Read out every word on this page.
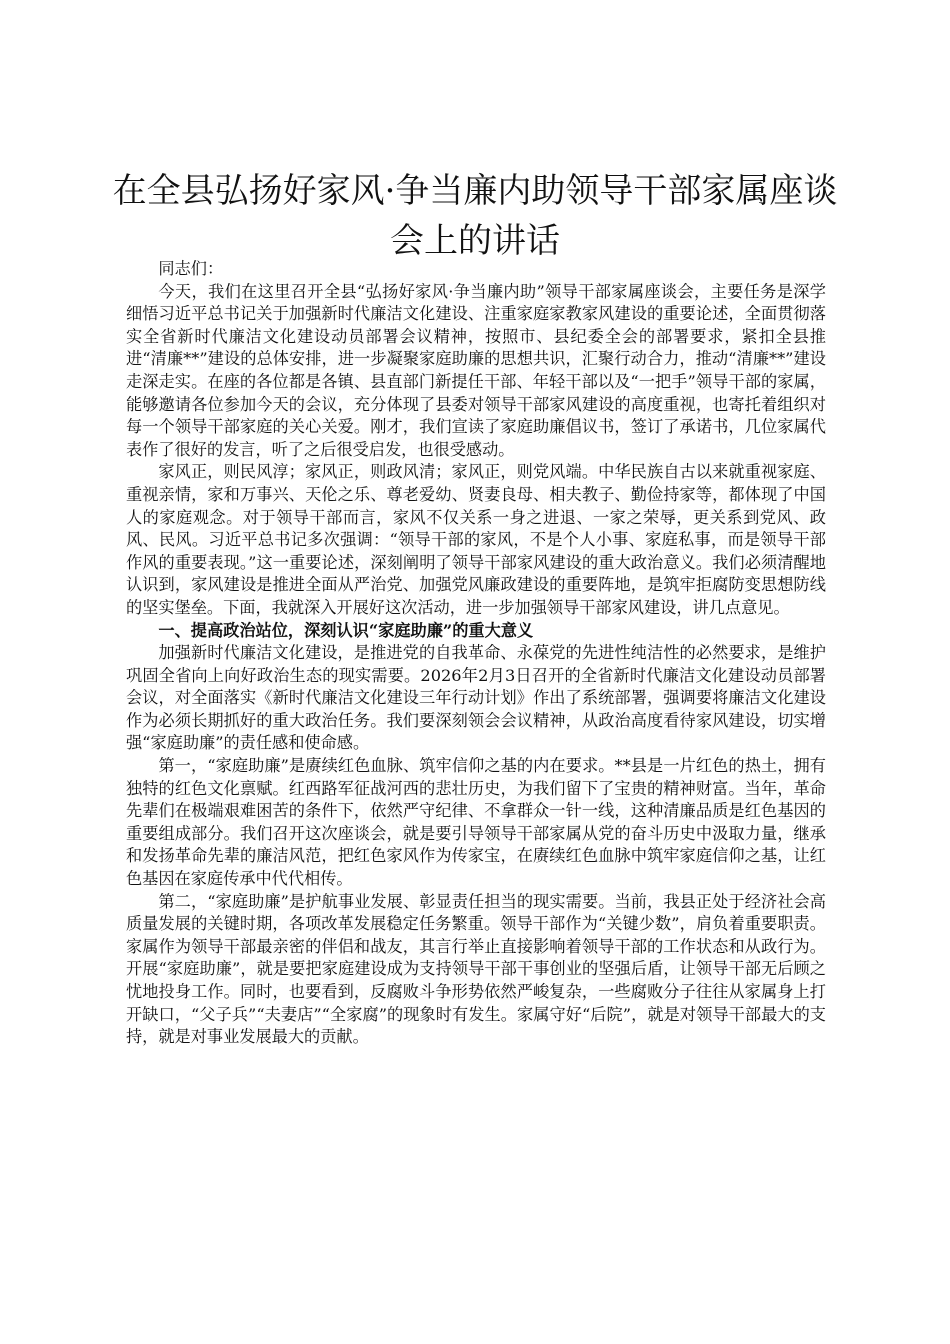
在全县弘扬好家风·争当廉内助领导干部家属座谈会上的讲话

同志们：

今天，我们在这里召开全县“弘扬好家风·争当廉内助”领导干部家属座谈会，主要任务是深学细悟习近平总书记关于加强新时代廉洁文化建设、注重家庭家教家风建设的重要论述，全面贯彻落实全省新时代廉洁文化建设动员部署会议精神，按照市、县纪委全会的部署要求，紧扣全县推进“清廉**”建设的总体安排，进一步凝聚家庭助廉的思想共识，汇聚行动合力，推动“清廉**”建设走深走实。在座的各位都是各镇、县直部门新提任干部、年轻干部以及“一把手”领导干部的家属，能够邀请各位参加今天的会议，充分体现了县委对领导干部家风建设的高度重视，也寄托着组织对每一个领导干部家庭的关心关爱。刚才，我们宣读了家庭助廉倡议书，签订了承诺书，几位家属代表作了很好的发言，听了之后很受启发，也很受感动。

家风正，则民风淳；家风正，则政风清；家风正，则党风端。中华民族自古以来就重视家庭、重视亲情，家和万事兴、天伦之乐、尊老爱幼、贤妻良母、相夫教子、勤俭持家等，都体现了中国人的家庭观念。对于领导干部而言，家风不仅关系一身之进退、一家之荣辱，更关系到党风、政风、民风。习近平总书记多次强调：“领导干部的家风，不是个人小事、家庭私事，而是领导干部作风的重要表现。”这一重要论述，深刻阐明了领导干部家风建设的重大政治意义。我们必须清醒地认识到，家风建设是推进全面从严治党、加强党风廉政建设的重要阵地，是筑牢拒腐防变思想防线的坚实堡垒。下面，我就深入开展好这次活动，进一步加强领导干部家风建设，讲几点意见。

一、提高政治站位，深刻认识“家庭助廉”的重大意义

加强新时代廉洁文化建设，是推进党的自我革命、永葆党的先进性纯洁性的必然要求，是维护巩固全省向上向好政治生态的现实需要。2026年2月3日召开的全省新时代廉洁文化建设动员部署会议，对全面落实《新时代廉洁文化建设三年行动计划》作出了系统部署，强调要将廉洁文化建设作为必须长期抓好的重大政治任务。我们要深刻领会会议精神，从政治高度看待家风建设，切实增强“家庭助廉”的责任感和使命感。

第一，“家庭助廉”是赓续红色血脉、筑牢信仰之基的内在要求。**县是一片红色的热土，拥有独特的红色文化禀赋。红西路军征战河西的悲壮历史，为我们留下了宝贵的精神财富。当年，革命先辈们在极端艰难困苦的条件下，依然严守纪律、不拿群众一针一线，这种清廉品质是红色基因的重要组成部分。我们召开这次座谈会，就是要引导领导干部家属从党的奋斗历史中汲取力量，继承和发扬革命先辈的廉洁风范，把红色家风作为传家宝，在赓续红色血脉中筑牢家庭信仰之基，让红色基因在家庭传承中代代相传。

第二，“家庭助廉”是护航事业发展、彰显责任担当的现实需要。当前，我县正处于经济社会高质量发展的关键时期，各项改革发展稳定任务繁重。领导干部作为“关键少数”，肩负着重要职责。家属作为领导干部最亲密的伴侣和战友，其言行举止直接影响着领导干部的工作状态和从政行为。开展“家庭助廉”，就是要把家庭建设成为支持领导干部干事创业的坚强后盾，让领导干部无后顾之忧地投身工作。同时，也要看到，反腐败斗争形势依然严峻复杂，一些腐败分子往往从家属身上打开缺口，“父子兵”“夫妻店”“全家腐”的现象时有发生。家属守好“后院”，就是对领导干部最大的支持，就是对事业发展最大的贡献。
